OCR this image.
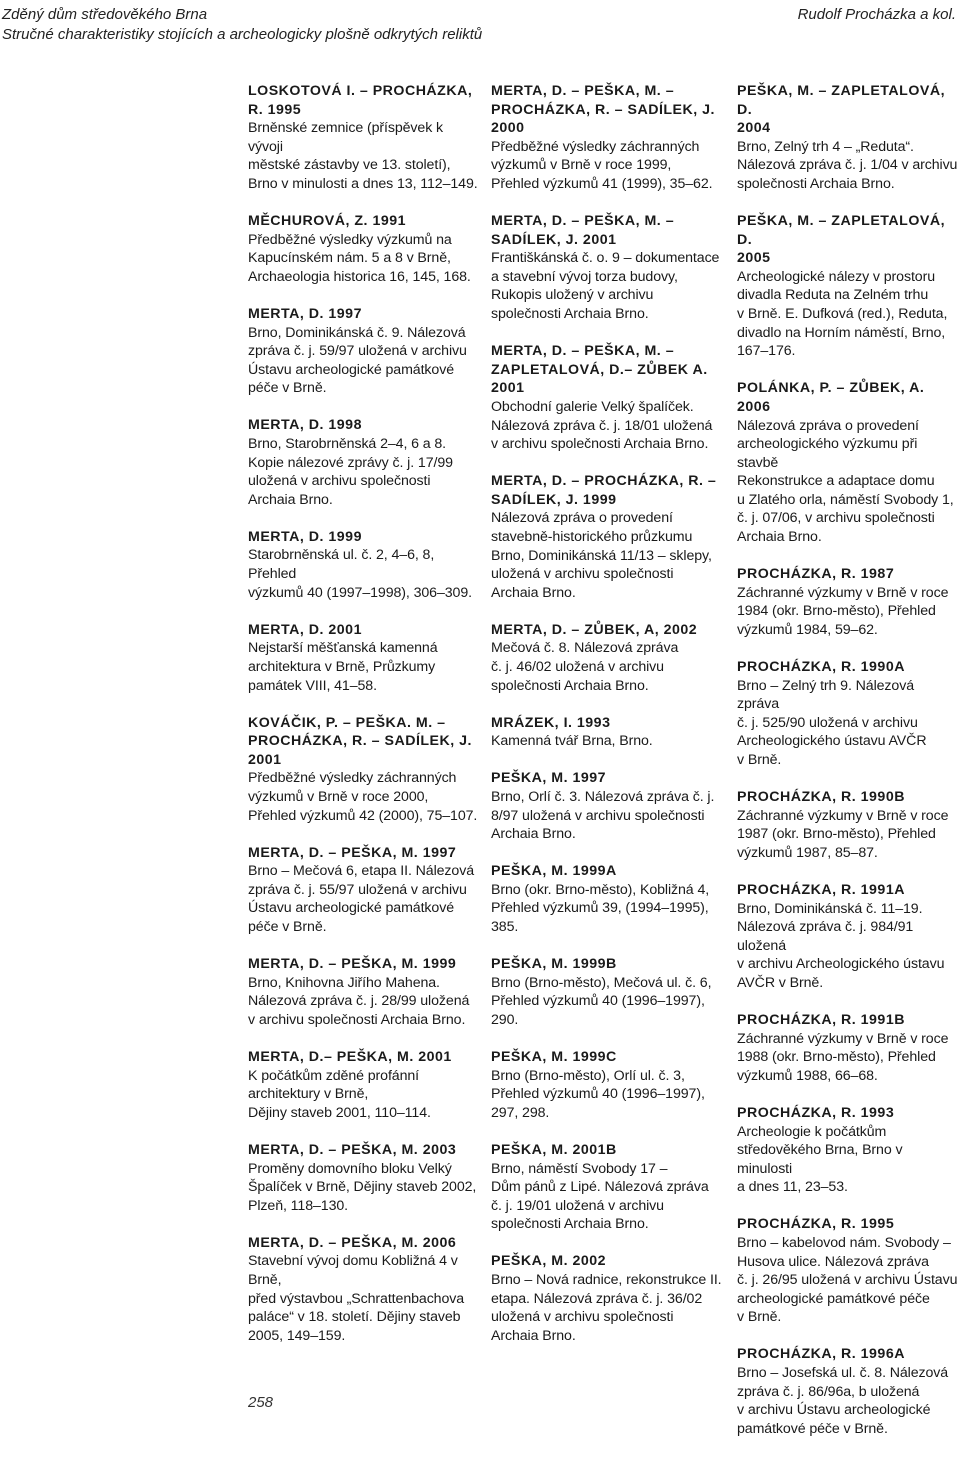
Zděný dům středověkého Brna
Stručné charakteristiky stojících a archeologicky plošně odkrytých reliktů
Rudolf Procházka a kol.
LOSKOTOVÁ I. – PROCHÁZKA,
R. 1995
Brněnské zemnice (příspěvek k vývoji
městské zástavby ve 13. století),
Brno v minulosti a dnes 13, 112–149.
MĚCHUROVÁ, Z. 1991
Předběžné výsledky výzkumů na
Kapucínském nám. 5 a 8 v Brně,
Archaeologia historica 16, 145, 168.
MERTA, D. 1997
Brno, Dominikánská č. 9. Nálezová
zpráva č. j. 59/97 uložená v archivu
Ústavu archeologické památkové
péče v Brně.
MERTA, D. 1998
Brno, Starobrněnská 2–4, 6 a 8.
Kopie nálezové zprávy č. j. 17/99
uložená v archivu společnosti
Archaia Brno.
MERTA, D. 1999
Starobrněnská ul. č. 2, 4–6, 8, Přehled
výzkumů 40 (1997–1998), 306–309.
MERTA, D. 2001
Nejstarší měšťanská kamenná
architektura v Brně, Průzkumy
památek VIII, 41–58.
KOVÁČIK, P. – PEŠKA. M. –
PROCHÁZKA, R. – SADÍLEK, J.
2001
Předběžné výsledky záchranných
výzkumů v Brně v roce 2000,
Přehled výzkumů 42 (2000), 75–107.
MERTA, D. – PEŠKA, M. 1997
Brno – Mečová 6, etapa II. Nálezová
zpráva č. j. 55/97 uložená v archivu
Ústavu archeologické památkové
péče v Brně.
MERTA, D. – PEŠKA, M. 1999
Brno, Knihovna Jiřího Mahena.
Nálezová zpráva č. j. 28/99 uložená
v archivu společnosti Archaia Brno.
MERTA, D.– PEŠKA, M. 2001
K počátkům zděné profánní
architektury v Brně,
Dějiny staveb 2001, 110–114.
MERTA, D. – PEŠKA, M. 2003
Proměny domovního bloku Velký
Špalíček v Brně, Dějiny staveb 2002,
Plzeň, 118–130.
MERTA, D. – PEŠKA, M. 2006
Stavební vývoj domu Kobližná 4 v Brně,
před výstavbou „Schrattenbachova
paláce“ v 18. století. Dějiny staveb
2005, 149–159.
MERTA, D. – PEŠKA, M. –
PROCHÁZKA, R. – SADÍLEK, J.
2000
Předběžné výsledky záchranných
výzkumů v Brně v roce 1999,
Přehled výzkumů 41 (1999), 35–62.
MERTA, D. – PEŠKA, M. –
SADÍLEK, J. 2001
Františkánská č. o. 9 – dokumentace
a stavební vývoj torza budovy,
Rukopis uložený v archivu
společnosti Archaia Brno.
MERTA, D. – PEŠKA, M. –
ZAPLETALOVÁ, D.– ZŮBEK A.
2001
Obchodní galerie Velký špalíček.
Nálezová zpráva č. j. 18/01 uložená
v archivu společnosti Archaia Brno.
MERTA, D. – PROCHÁZKA, R. –
SADÍLEK, J. 1999
Nálezová zpráva o provedení
stavebně-historického průzkumu
Brno, Dominikánská 11/13 – sklepy,
uložená v archivu společnosti
Archaia Brno.
MERTA, D. – ZŮBEK, A, 2002
Mečová č. 8. Nálezová zpráva
č. j. 46/02 uložená v archivu
společnosti Archaia Brno.
MRÁZEK, I. 1993
Kamenná tvář Brna, Brno.
PEŠKA, M. 1997
Brno, Orlí č. 3. Nálezová zpráva č. j.
8/97 uložená v archivu společnosti
Archaia Brno.
PEŠKA, M. 1999A
Brno (okr. Brno-město), Kobližná 4,
Přehled výzkumů 39, (1994–1995),
385.
PEŠKA, M. 1999B
Brno (Brno-město), Mečová ul. č. 6,
Přehled výzkumů 40 (1996–1997),
290.
PEŠKA, M. 1999C
Brno (Brno-město), Orlí ul. č. 3,
Přehled výzkumů 40 (1996–1997),
297, 298.
PEŠKA, M. 2001B
Brno, náměstí Svobody 17 –
Dům pánů z Lipé. Nálezová zpráva
č. j. 19/01 uložená v archivu
společnosti Archaia Brno.
PEŠKA, M. 2002
Brno – Nová radnice, rekonstrukce II.
etapa. Nálezová zpráva č. j. 36/02
uložená v archivu společnosti
Archaia Brno.
PEŠKA, M. – ZAPLETALOVÁ, D.
2004
Brno, Zelný trh 4 – „Reduta“.
Nálezová zpráva č. j. 1/04 v archivu
společnosti Archaia Brno.
PEŠKA, M. – ZAPLETALOVÁ, D.
2005
Archeologické nálezy v prostoru
divadla Reduta na Zelném trhu
v Brně. E. Dufková (red.), Reduta,
divadlo na Horním náměstí, Brno,
167–176.
POLÁNKA, P. – ZŮBEK, A.
2006
Nálezová zpráva o provedení
archeologického výzkumu při stavbě
Rekonstrukce a adaptace domu
u Zlatého orla, náměstí Svobody 1,
č. j. 07/06, v archivu společnosti
Archaia Brno.
PROCHÁZKA, R. 1987
Záchranné výzkumy v Brně v roce
1984 (okr. Brno-město), Přehled
výzkumů 1984, 59–62.
PROCHÁZKA, R. 1990A
Brno – Zelný trh 9. Nálezová zpráva
č. j. 525/90 uložená v archivu
Archeologického ústavu AVČR
v Brně.
PROCHÁZKA, R. 1990B
Záchranné výzkumy v Brně v roce
1987 (okr. Brno-město), Přehled
výzkumů 1987, 85–87.
PROCHÁZKA, R. 1991A
Brno, Dominikánská č. 11–19.
Nálezová zpráva č. j. 984/91 uložená
v archivu Archeologického ústavu
AVČR v Brně.
PROCHÁZKA, R. 1991B
Záchranné výzkumy v Brně v roce
1988 (okr. Brno-město), Přehled
výzkumů 1988, 66–68.
PROCHÁZKA, R. 1993
Archeologie k počátkům
středověkého Brna, Brno v minulosti
a dnes 11, 23–53.
PROCHÁZKA, R. 1995
Brno – kabelovod nám. Svobody –
Husova ulice. Nálezová zpráva
č. j. 26/95 uložená v archivu Ústavu
archeologické památkové péče
v Brně.
PROCHÁZKA, R. 1996A
Brno – Josefská ul. č. 8. Nálezová
zpráva č. j. 86/96a, b uložená
v archivu Ústavu archeologické
památkové péče v Brně.
258
